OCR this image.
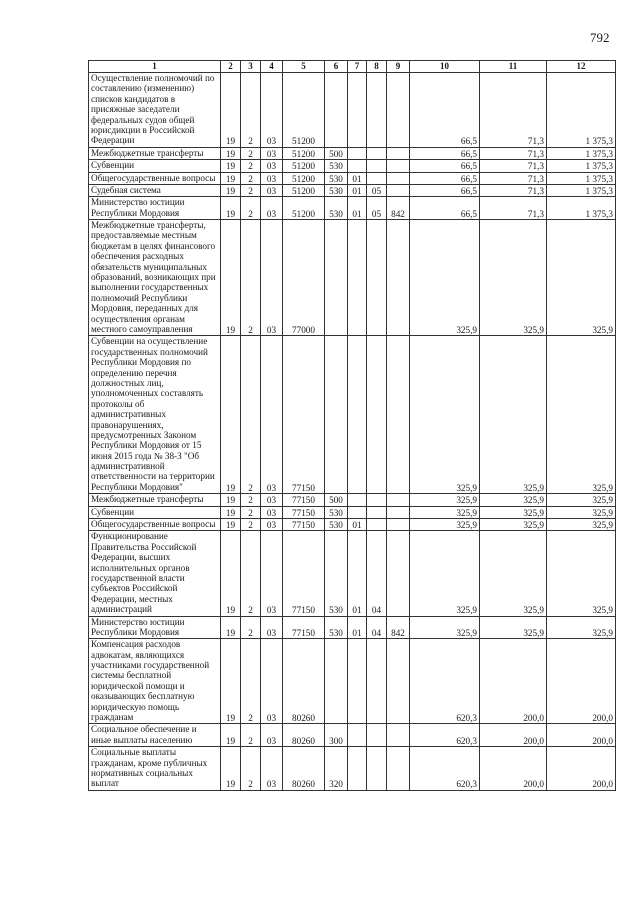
792
1	2	3	4	5	6	7	8	9	10	11	12
Осуществление полномочий по составлению (изменению) списков кандидатов в присяжные заседатели федеральных судов общей юрисдикции в Российской Федерации	19	2	03	51200					66,5	71,3	1 375,3
Межбюджетные трансферты	19	2	03	51200	500				66,5	71,3	1 375,3
Субвенции	19	2	03	51200	530				66,5	71,3	1 375,3
Общегосударственные вопросы	19	2	03	51200	530	01			66,5	71,3	1 375,3
Судебная система	19	2	03	51200	530	01	05		66,5	71,3	1 375,3
Министерство юстиции Республики Мордовия	19	2	03	51200	530	01	05	842	66,5	71,3	1 375,3
Межбюджетные трансферты, предоставляемые местным бюджетам в целях финансового обеспечения расходных обязательств муниципальных образований, возникающих при выполнении государственных полномочий Республики Мордовия, переданных для осуществления органам местного самоуправления	19	2	03	77000					325,9	325,9	325,9
Субвенции на осуществление государственных полномочий Республики Мордовия по определению перечня должностных лиц, уполномоченных составлять протоколы об административных правонарушениях, предусмотренных Законом Республики Мордовия от 15 июня 2015 года № 38-З "Об административной ответственности на территории Республики Мордовия"	19	2	03	77150					325,9	325,9	325,9
Межбюджетные трансферты	19	2	03	77150	500				325,9	325,9	325,9
Субвенции	19	2	03	77150	530				325,9	325,9	325,9
Общегосударственные вопросы	19	2	03	77150	530	01			325,9	325,9	325,9
Функционирование Правительства Российской Федерации, высших исполнительных органов государственной власти субъектов Российской Федерации, местных администраций	19	2	03	77150	530	01	04		325,9	325,9	325,9
Министерство юстиции Республики Мордовия	19	2	03	77150	530	01	04	842	325,9	325,9	325,9
Компенсация расходов адвокатам, являющихся участниками государственной системы бесплатной юридической помощи и оказывающих бесплатную юридическую помощь гражданам	19	2	03	80260					620,3	200,0	200,0
Социальное обеспечение и иные выплаты населению	19	2	03	80260	300				620,3	200,0	200,0
Социальные выплаты гражданам, кроме публичных нормативных социальных выплат	19	2	03	80260	320				620,3	200,0	200,0
